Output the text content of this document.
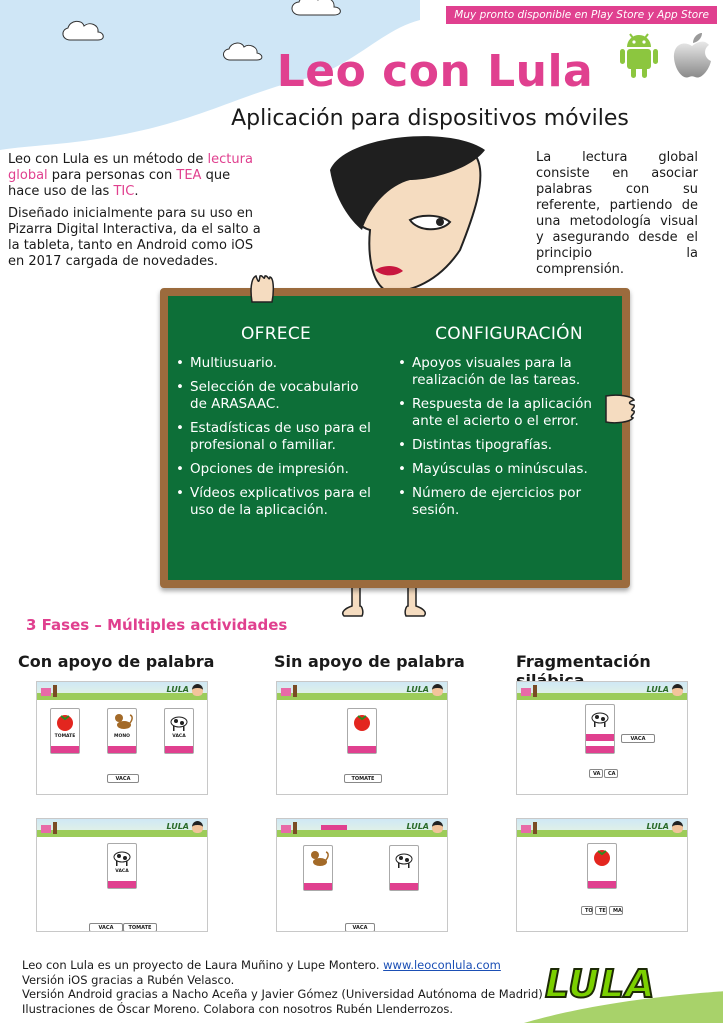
Muy pronto disponible en Play Store y App Store
Leo con Lula
Aplicación para dispositivos móviles

Leo con Lula es un método de lectura global para personas con TEA que hace uso de las TIC.

Diseñado inicialmente para su uso en Pizarra Digital Interactiva, da el salto a la tableta, tanto en Android como iOS en 2017 cargada de novedades.

La lectura global consiste en asociar palabras con su referente, partiendo de una metodología visual y asegurando desde el principio la comprensión.
OFRECE
• Multiusuario.
• Selección de vocabulario de ARASAAC.
• Estadísticas de uso para el profesional o familiar.
• Opciones de impresión.
• Vídeos explicativos para el uso de la aplicación.
CONFIGURACIÓN
• Apoyos visuales para la realización de las tareas.
• Respuesta de la aplicación ante el acierto o el error.
• Distintas tipografías.
• Mayúsculas o minúsculas.
• Número de ejercicios por sesión.
3 Fases – Múltiples actividades
Con apoyo de palabra	Sin apoyo de palabra	Fragmentación
LULA
TOMATE	MONO	VACA
VACA
LULA
TOMATE
LULA
VACA
VA	CA
LULA
VACA
VACA	TOMATE
LULA
VACA
LULA
TO	TE	MA
Leo con Lula es un proyecto de Laura Muñino y Lupe Montero. www.leoconlula.com
Versión iOS gracias a Rubén Velasco.
Versión Android gracias a Nacho Aceña y Javier Gómez (Universidad Autónoma de Madrid)
Ilustraciones de Óscar Moreno. Colabora con nosotros Rubén Llenderrozos.
LULA
